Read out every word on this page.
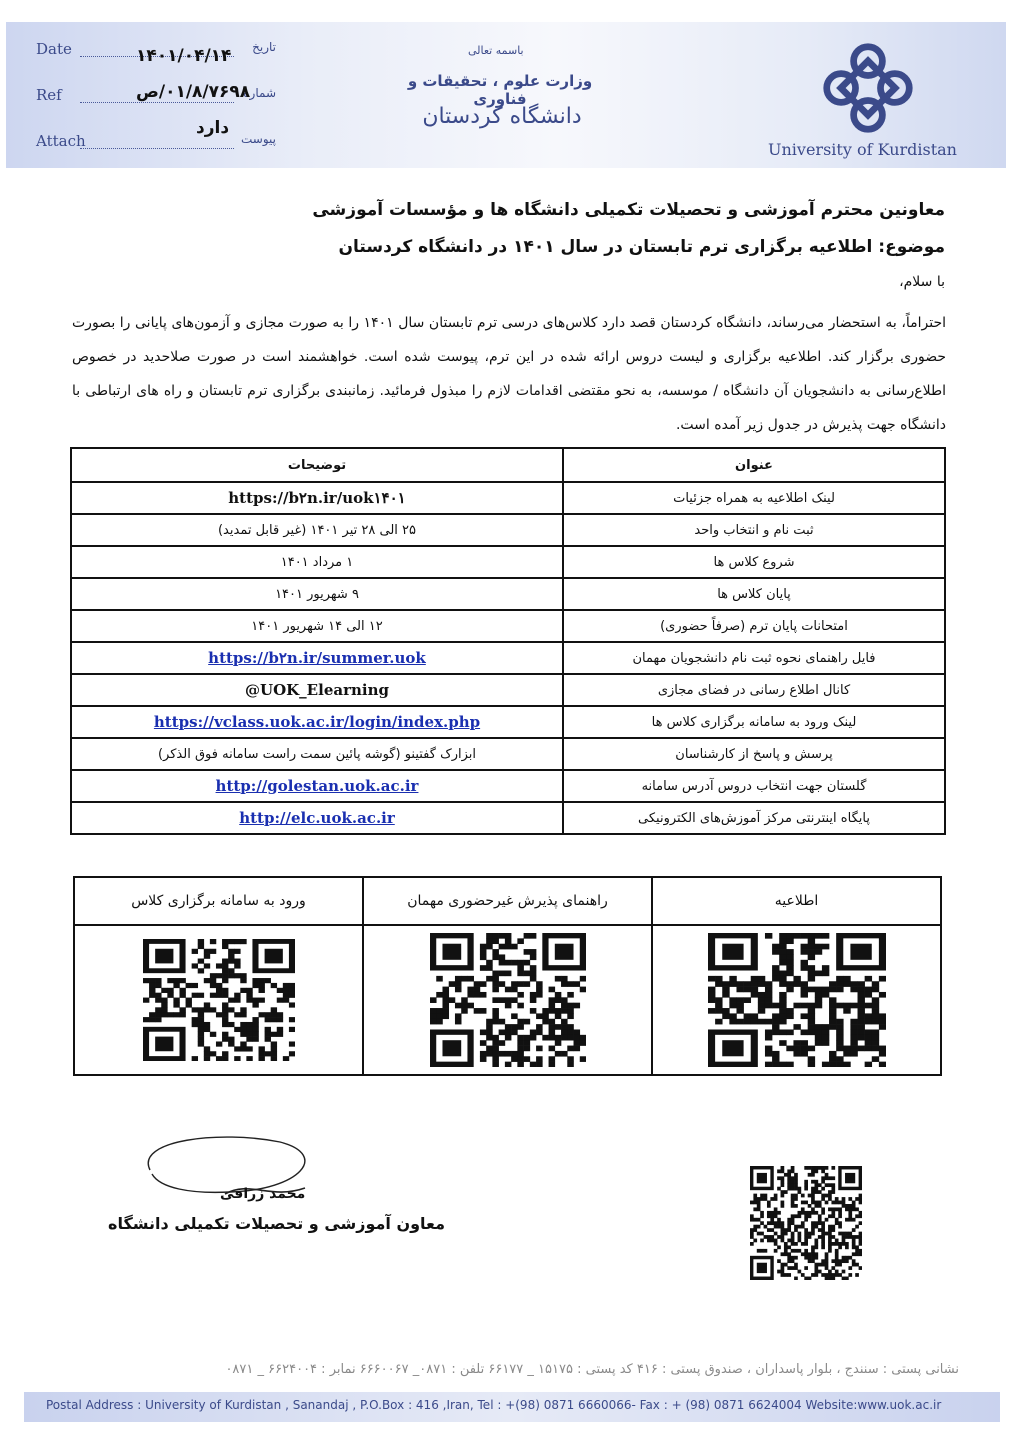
Date	تاریخ
۱۴۰۱/۰۴/۱۴
Ref	شماره
۰۱/۸/۷۶۹۸/ص
Attach	پیوست
دارد
باسمه تعالی
وزارت علوم ، تحقیقات و فناوری
دانشگاه کردستان
University of Kurdistan
معاونین محترم آموزشی و تحصیلات تکمیلی دانشگاه ها و مؤسسات آموزشی
موضوع: اطلاعیه برگزاری ترم تابستان در سال ۱۴۰۱ در دانشگاه کردستان
با سلام،
احتراماً، به استحضار می‌رساند، دانشگاه کردستان قصد دارد کلاس‌های درسی ترم تابستان سال ۱۴۰۱ را به صورت مجازی و آزمون‌های پایانی را بصورت حضوری برگزار کند. اطلاعیه برگزاری و لیست دروس ارائه شده در این ترم، پیوست شده است. خواهشمند است در صورت صلاحدید در خصوص اطلاع‌رسانی به دانشجویان آن دانشگاه / موسسه، به نحو مقتضی اقدامات لازم را مبذول فرمائید. زمانبندی برگزاری ترم تابستان و راه های ارتباطی با دانشگاه جهت پذیرش در جدول زیر آمده است.
عنوان	توضیحات
لینک اطلاعیه به همراه جزئیات	https://b۲n.ir/uok۱۴۰۱
ثبت نام و انتخاب واحد	۲۵ الی ۲۸ تیر ۱۴۰۱ (غیر قابل تمدید)
شروع کلاس ها	۱ مرداد ۱۴۰۱
پایان کلاس ها	۹ شهریور ۱۴۰۱
امتحانات پایان ترم (صرفاً حضوری)	۱۲ الی ۱۴ شهریور ۱۴۰۱
فایل راهنمای نحوه ثبت نام دانشجویان مهمان	https://b۲n.ir/summer.uok
کانال اطلاع رسانی در فضای مجازی	@UOK_Elearning
لینک ورود به سامانه برگزاری کلاس ها	https://vclass.uok.ac.ir/login/index.php
پرسش و پاسخ از کارشناسان	ابزارک گفتینو (گوشه پائین سمت راست سامانه فوق الذکر)
گلستان جهت انتخاب دروس آدرس سامانه	http://golestan.uok.ac.ir
پایگاه اینترنتی مرکز آموزش‌های الکترونیکی	http://elc.uok.ac.ir
اطلاعیه	راهنمای پذیرش غیرحضوری مهمان	ورود به سامانه برگزاری کلاس

محمد زراقی
معاون آموزشی و تحصیلات تکمیلی دانشگاه
نشانی پستی : سنندج ، بلوار پاسداران ، صندوق پستی : ۴۱۶ کد پستی : ۱۵۱۷۵ _ ۶۶۱۷۷ تلفن : ۰۸۷۱_ ۶۶۶۰۰۶۷ نمابر : ۶۶۲۴۰۰۴ _ ۰۸۷۱
Postal Address : University of Kurdistan , Sanandaj , P.O.Box : 416 ,Iran, Tel : +(98) 0871 6660066- Fax : + (98) 0871 6624004 Website:www.uok.ac.ir
